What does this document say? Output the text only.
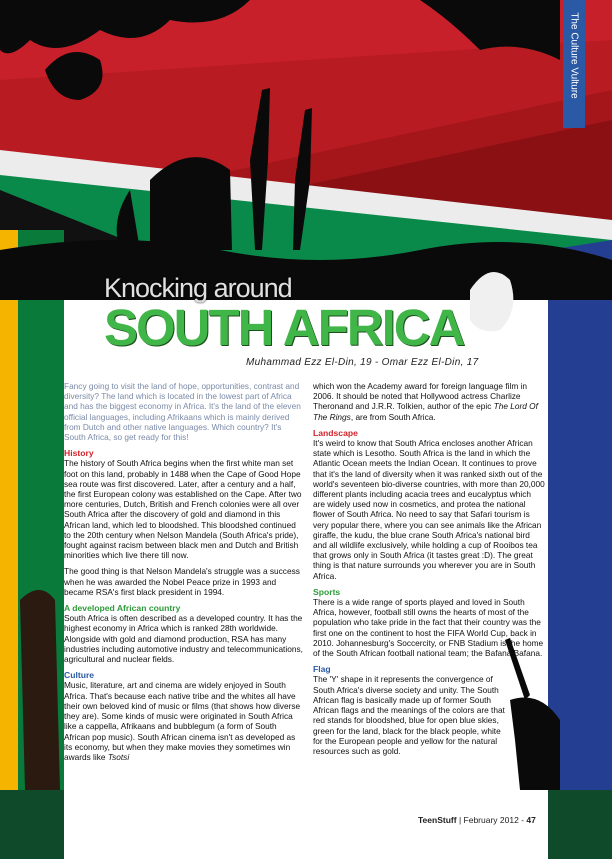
The Culture Vulture
Knocking around
SOUTH AFRICA
Muhammad Ezz El-Din, 19 - Omar Ezz El-Din, 17

Fancy going to visit the land of hope, opportunities, contrast and diversity? The land which is located in the lowest part of Africa and has the biggest economy in Africa. It's the land of the eleven official languages, including Afrikaans which is mainly derived from Dutch and other native languages. Which country? It's South Africa, so get ready for this!

History

The history of South Africa begins when the first white man set foot on this land, probably in 1488 when the Cape of Good Hope sea route was first discovered. Later, after a century and a half, the first European colony was established on the Cape. After two more centuries, Dutch, British and French colonies were all over South Africa after the discovery of gold and diamond in this African land, which led to bloodshed. This bloodshed continued to the 20th century when Nelson Mandela (South Africa's pride), fought against racism between black men and Dutch and British minorities which live there till now.

The good thing is that Nelson Mandela's struggle was a success when he was awarded the Nobel Peace prize in 1993 and became RSA's first black president in 1994.

A developed African country

South Africa is often described as a developed country. It has the highest economy in Africa which is ranked 28th worldwide. Alongside with gold and diamond production, RSA has many industries including automotive industry and telecommunications, agricultural and nuclear fields.

Culture

Music, literature, art and cinema are widely enjoyed in South Africa. That's because each native tribe and the whites all have their own beloved kind of music or films (that shows how diverse they are). Some kinds of music were originated in South Africa like a cappella, Afrikaans and bubblegum (a form of South African pop music). South African cinema isn't as developed as its economy, but when they make movies they sometimes win awards like Tsotsi

which won the Academy award for foreign language film in 2006. It should be noted that Hollywood actress Charlize Theronand and J.R.R. Tolkien, author of the epic The Lord Of The Rings, are from South Africa.

Landscape

It's weird to know that South Africa encloses another African state which is Lesotho. South Africa is the land in which the Atlantic Ocean meets the Indian Ocean. It continues to prove that it's the land of diversity when it was ranked sixth out of the world's seventeen bio-diverse countries, with more than 20,000 different plants including acacia trees and eucalyptus which are widely used now in cosmetics, and protea the national flower of South Africa. No need to say that Safari tourism is very popular there, where you can see animals like the African giraffe, the kudu, the blue crane South Africa's national bird and all wildlife exclusively, while holding a cup of Rooibos tea that grows only in South Africa (it tastes great :D). The great thing is that nature surrounds you wherever you are in South Africa.

Sports

There is a wide range of sports played and loved in South Africa, however, football still owns the hearts of most of the population who take pride in the fact that their country was the first one on the continent to host the FIFA World Cup, back in 2010. Johannesburg's Soccercity, or FNB Stadium is the home of the South African football national team; the Bafana Bafana.

Flag

The 'Y' shape in it represents the convergence of South Africa's diverse society and unity. The South African flag is basically made up of former South African flags and the meanings of the colors are that red stands for bloodshed, blue for open blue skies, green for the land, black for the black people, white for the European people and yellow for the natural resources such as gold.

TeenStuff | February 2012 - 47
